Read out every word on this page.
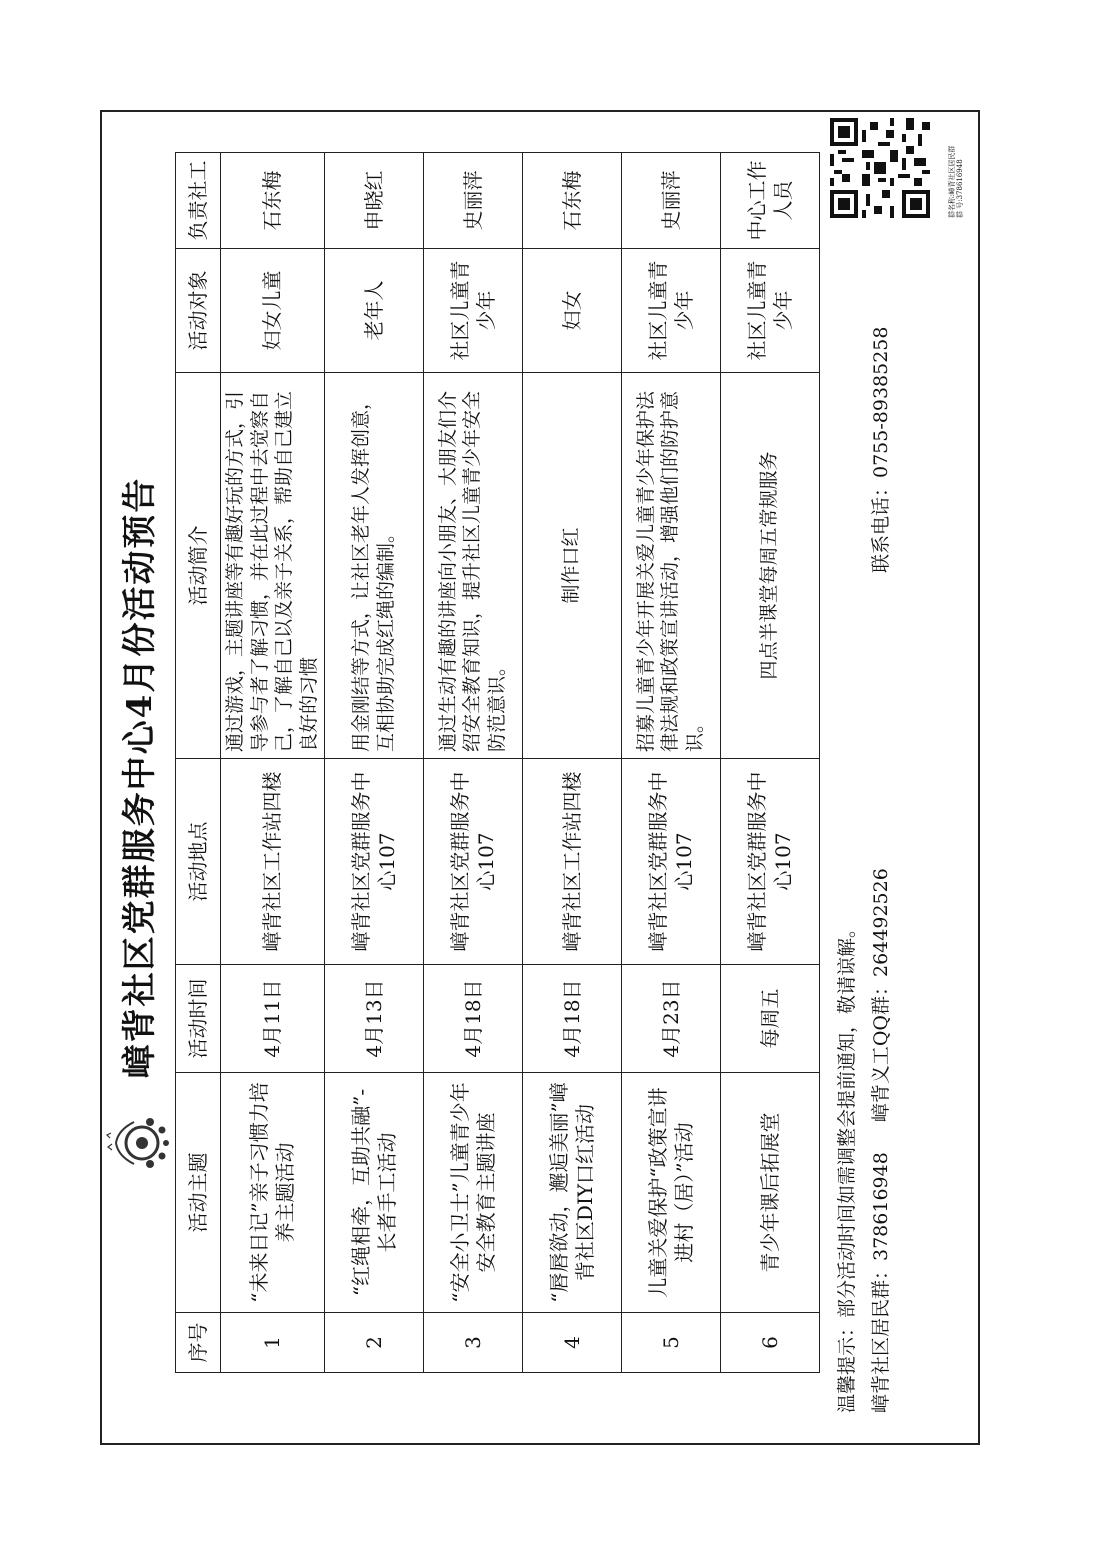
嶂背社区党群服务中心4月份活动预告
序号	活动主题	活动时间	活动地点	活动简介	活动对象	负责社工
1	“未来日记”亲子习惯力培养主题活动	4月11日	嶂背社区工作站四楼	通过游戏，主题讲座等有趣好玩的方式，引导参与者了解习惯，并在此过程中去觉察自己，了解自己以及亲子关系，帮助自己建立良好的习惯	妇女儿童	石东梅
2	“红绳相牵，互助共融”-长者手工活动	4月13日	嶂背社区党群服务中心107	用金刚结等方式，让社区老年人发挥创意，互相协助完成红绳的编制。	老年人	申晓红
3	“安全小卫士”儿童青少年安全教育主题讲座	4月18日	嶂背社区党群服务中心107	通过生动有趣的讲座向小朋友、大朋友们介绍安全教育知识，提升社区儿童青少年安全防范意识。	社区儿童青少年	史丽萍
4	“唇唇欲动，邂逅美丽”嶂背社区DIY口红活动	4月18日	嶂背社区工作站四楼	制作口红	妇女	石东梅
5	儿童关爱保护“政策宣讲进村（居）”活动	4月23日	嶂背社区党群服务中心107	招募儿童青少年开展关爱儿童青少年保护法律法规和政策宣讲活动，增强他们的防护意识。	社区儿童青少年	史丽萍
6	青少年课后拓展堂	每周五	嶂背社区党群服务中心107	四点半课堂每周五常规服务	社区儿童青少年	中心工作人员
温馨提示：部分活动时间如需调整会提前通知，敬请谅解。 嶂背社区居民群：378616948 嶂背义工QQ群：264492526
联系电话：0755-89385258
群名称:嶂背社区居民群 群 号:378616948
